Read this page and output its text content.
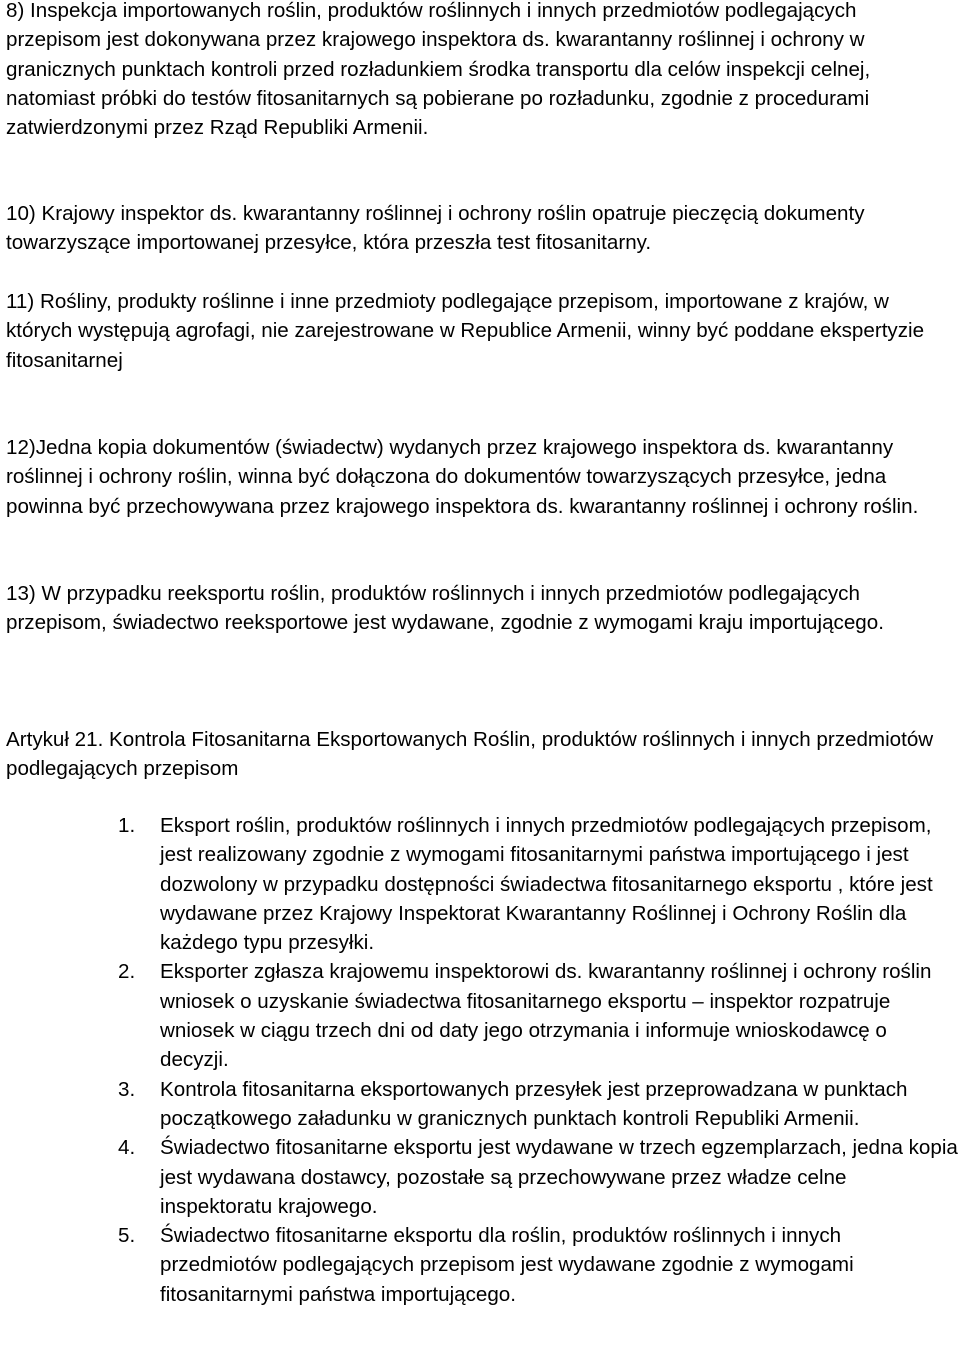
8) Inspekcja importowanych roślin, produktów roślinnych i innych przedmiotów podlegających przepisom jest dokonywana przez krajowego inspektora ds. kwarantanny roślinnej i ochrony w granicznych punktach kontroli przed rozładunkiem środka transportu dla celów inspekcji celnej, natomiast próbki do testów fitosanitarnych są pobierane po rozładunku, zgodnie z procedurami zatwierdzonymi przez Rząd Republiki Armenii.

10) Krajowy inspektor ds. kwarantanny roślinnej i ochrony roślin opatruje pieczęcią dokumenty towarzyszące importowanej przesyłce, która przeszła test fitosanitarny.

11) Rośliny, produkty roślinne i inne przedmioty podlegające przepisom, importowane z krajów, w których występują agrofagi, nie zarejestrowane w Republice Armenii, winny być poddane ekspertyzie fitosanitarnej

12)Jedna kopia dokumentów (świadectw) wydanych przez krajowego inspektora ds. kwarantanny roślinnej i ochrony roślin, winna być dołączona do dokumentów towarzyszących przesyłce, jedna powinna być przechowywana przez krajowego inspektora ds. kwarantanny roślinnej i ochrony roślin.

13) W przypadku reeksportu roślin, produktów roślinnych i innych przedmiotów podlegających przepisom, świadectwo reeksportowe jest wydawane, zgodnie z wymogami kraju importującego.

Artykuł 21. Kontrola Fitosanitarna Eksportowanych Roślin, produktów roślinnych i innych przedmiotów podlegających przepisom

1. Eksport roślin, produktów roślinnych i innych przedmiotów podlegających przepisom, jest realizowany zgodnie z wymogami fitosanitarnymi państwa importującego i jest dozwolony w przypadku dostępności świadectwa fitosanitarnego eksportu , które jest wydawane przez Krajowy Inspektorat Kwarantanny Roślinnej i Ochrony Roślin dla każdego typu przesyłki.
2. Eksporter zgłasza krajowemu inspektorowi ds. kwarantanny roślinnej i ochrony roślin wniosek o uzyskanie świadectwa fitosanitarnego eksportu – inspektor rozpatruje wniosek w ciągu trzech dni od daty jego otrzymania i informuje wnioskodawcę o decyzji.
3. Kontrola fitosanitarna eksportowanych przesyłek jest przeprowadzana w punktach początkowego załadunku w granicznych punktach kontroli Republiki Armenii.
4. Świadectwo fitosanitarne eksportu jest wydawane w trzech egzemplarzach, jedna kopia jest wydawana dostawcy, pozostałe są przechowywane przez władze celne inspektoratu krajowego.
5. Świadectwo fitosanitarne eksportu dla roślin, produktów roślinnych i innych przedmiotów podlegających przepisom jest wydawane zgodnie z wymogami fitosanitarnymi państwa importującego.
